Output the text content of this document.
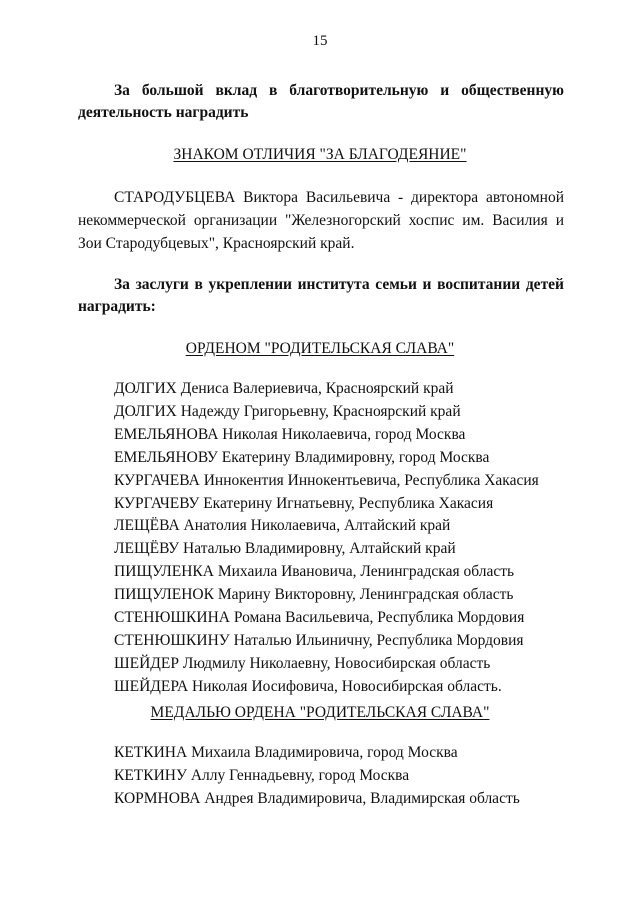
15
За большой вклад в благотворительную и общественную деятельность наградить
ЗНАКОМ ОТЛИЧИЯ "ЗА БЛАГОДЕЯНИЕ"
СТАРОДУБЦЕВА Виктора Васильевича - директора автономной некоммерческой организации "Железногорский хоспис им. Василия и Зои Стародубцевых", Красноярский край.
За заслуги в укреплении института семьи и воспитании детей наградить:
ОРДЕНОМ "РОДИТЕЛЬСКАЯ СЛАВА"
ДОЛГИХ Дениса Валериевича, Красноярский край
ДОЛГИХ Надежду Григорьевну, Красноярский край
ЕМЕЛЬЯНОВА Николая Николаевича, город Москва
ЕМЕЛЬЯНОВУ Екатерину Владимировну, город Москва
КУРГАЧЕВА Иннокентия Иннокентьевича, Республика Хакасия
КУРГАЧЕВУ Екатерину Игнатьевну, Республика Хакасия
ЛЕЩЁВА Анатолия Николаевича, Алтайский край
ЛЕЩЁВУ Наталью Владимировну, Алтайский край
ПИЩУЛЕНКА Михаила Ивановича, Ленинградская область
ПИЩУЛЕНОК Марину Викторовну, Ленинградская область
СТЕНЮШКИНА Романа Васильевича, Республика Мордовия
СТЕНЮШКИНУ Наталью Ильиничну, Республика Мордовия
ШЕЙДЕР Людмилу Николаевну, Новосибирская область
ШЕЙДЕРА Николая Иосифовича, Новосибирская область.
МЕДАЛЬЮ ОРДЕНА "РОДИТЕЛЬСКАЯ СЛАВА"
КЕТКИНА Михаила Владимировича, город Москва
КЕТКИНУ Аллу Геннадьевну, город Москва
КОРМНОВА Андрея Владимировича, Владимирская область
